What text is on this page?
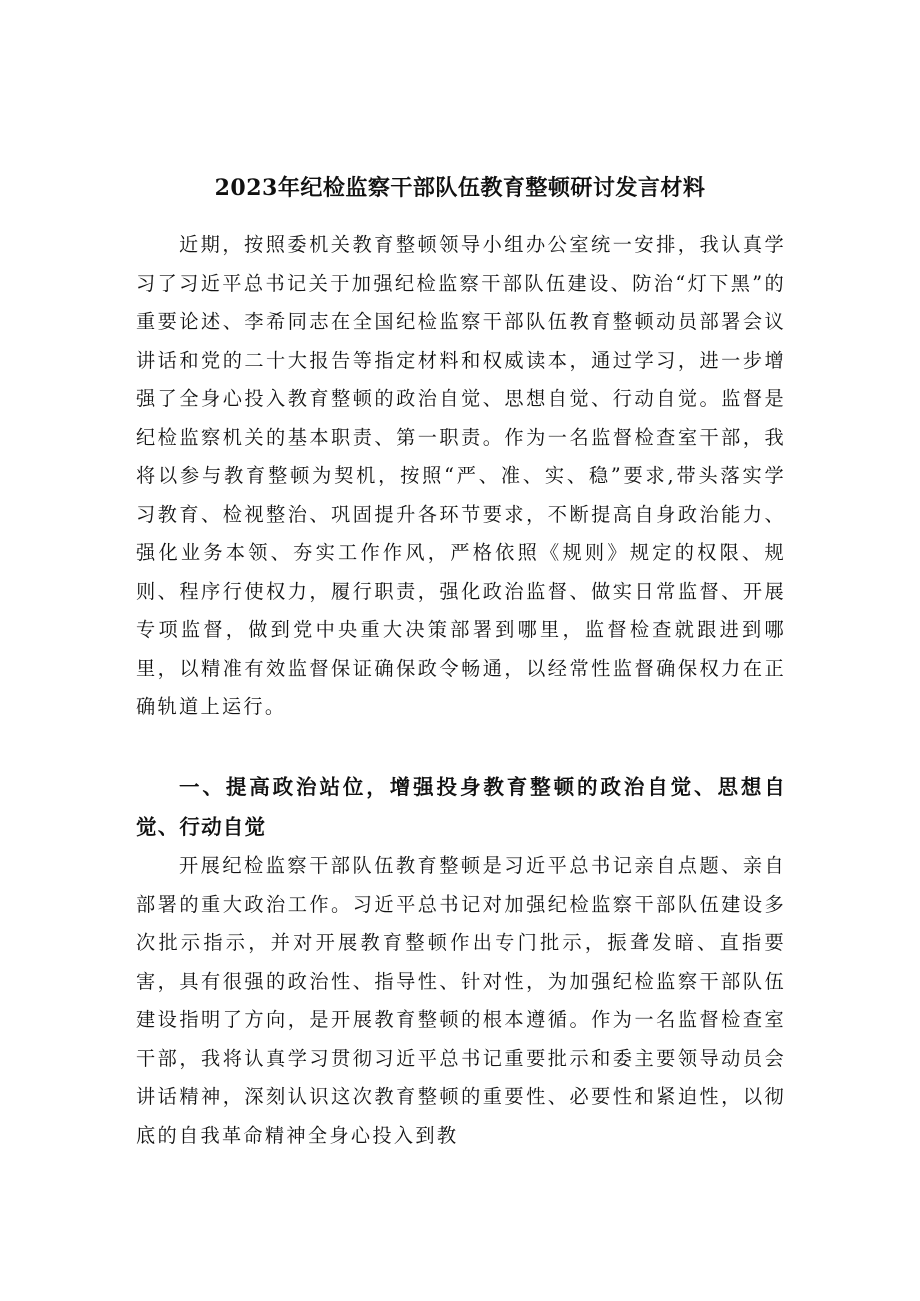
2023年纪检监察干部队伍教育整顿研讨发言材料

近期，按照委机关教育整顿领导小组办公室统一安排，我认真学习了习近平总书记关于加强纪检监察干部队伍建设、防治“灯下黑”的重要论述、李希同志在全国纪检监察干部队伍教育整顿动员部署会议讲话和党的二十大报告等指定材料和权威读本，通过学习，进一步增强了全身心投入教育整顿的政治自觉、思想自觉、行动自觉。监督是纪检监察机关的基本职责、第一职责。作为一名监督检查室干部，我将以参与教育整顿为契机，按照“严、准、实、稳”要求,带头落实学习教育、检视整治、巩固提升各环节要求，不断提高自身政治能力、强化业务本领、夯实工作作风，严格依照《规则》规定的权限、规则、程序行使权力，履行职责，强化政治监督、做实日常监督、开展专项监督，做到党中央重大决策部署到哪里，监督检查就跟进到哪里，以精准有效监督保证确保政令畅通，以经常性监督确保权力在正确轨道上运行。

一、提高政治站位，增强投身教育整顿的政治自觉、思想自觉、行动自觉

开展纪检监察干部队伍教育整顿是习近平总书记亲自点题、亲自部署的重大政治工作。习近平总书记对加强纪检监察干部队伍建设多次批示指示，并对开展教育整顿作出专门批示，振聋发暗、直指要害，具有很强的政治性、指导性、针对性，为加强纪检监察干部队伍建设指明了方向，是开展教育整顿的根本遵循。作为一名监督检查室干部，我将认真学习贯彻习近平总书记重要批示和委主要领导动员会讲话精神，深刻认识这次教育整顿的重要性、必要性和紧迫性，以彻底的自我革命精神全身心投入到教
